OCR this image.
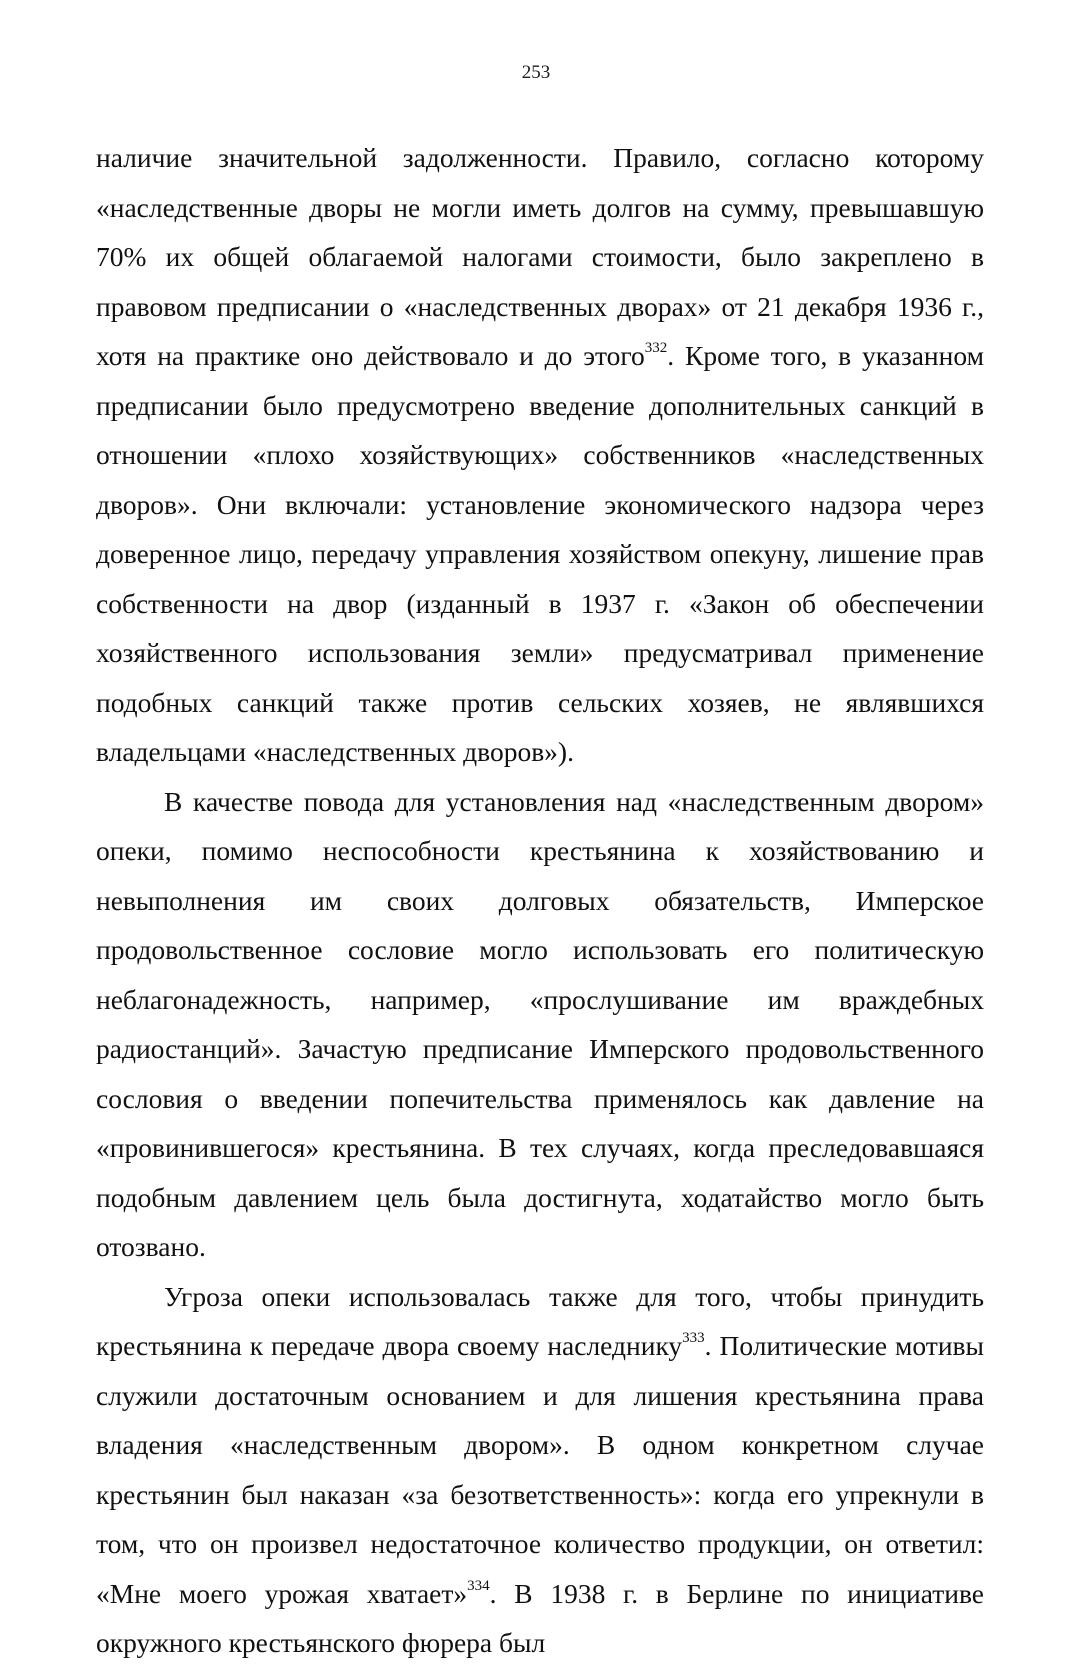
253

наличие значительной задолженности. Правило, согласно которому «наследственные дворы не могли иметь долгов на сумму, превышавшую 70% их общей облагаемой налогами стоимости, было закреплено в правовом предписании о «наследственных дворах» от 21 декабря 1936 г., хотя на практике оно действовало и до этого$^{332}$. Кроме того, в указанном предписании было предусмотрено введение дополнительных санкций в отношении «плохо хозяйствующих» собственников «наследственных дворов». Они включали: установление экономического надзора через доверенное лицо, передачу управления хозяйством опекуну, лишение прав собственности на двор (изданный в 1937 г. «Закон об обеспечении хозяйственного использования земли» предусматривал применение подобных санкций также против сельских хозяев, не являвшихся владельцами «наследственных дворов»).

В качестве повода для установления над «наследственным двором» опеки, помимо неспособности крестьянина к хозяйствованию и невыполнения им своих долговых обязательств, Имперское продовольственное сословие могло использовать его политическую неблагонадежность, например, «прослушивание им враждебных радиостанций». Зачастую предписание Имперского продовольственного сословия о введении попечительства применялось как давление на «провинившегося» крестьянина. В тех случаях, когда преследовавшаяся подобным давлением цель была достигнута, ходатайство могло быть отозвано.

Угроза опеки использовалась также для того, чтобы принудить крестьянина к передаче двора своему наследнику$^{333}$. Политические мотивы служили достаточным основанием и для лишения крестьянина права владения «наследственным двором». В одном конкретном случае крестьянин был наказан «за безответственность»: когда его упрекнули в том, что он произвел недостаточное количество продукции, он ответил: «Мне моего урожая хватает»$^{334}$. В 1938 г. в Берлине по инициативе окружного крестьянского фюрера был
